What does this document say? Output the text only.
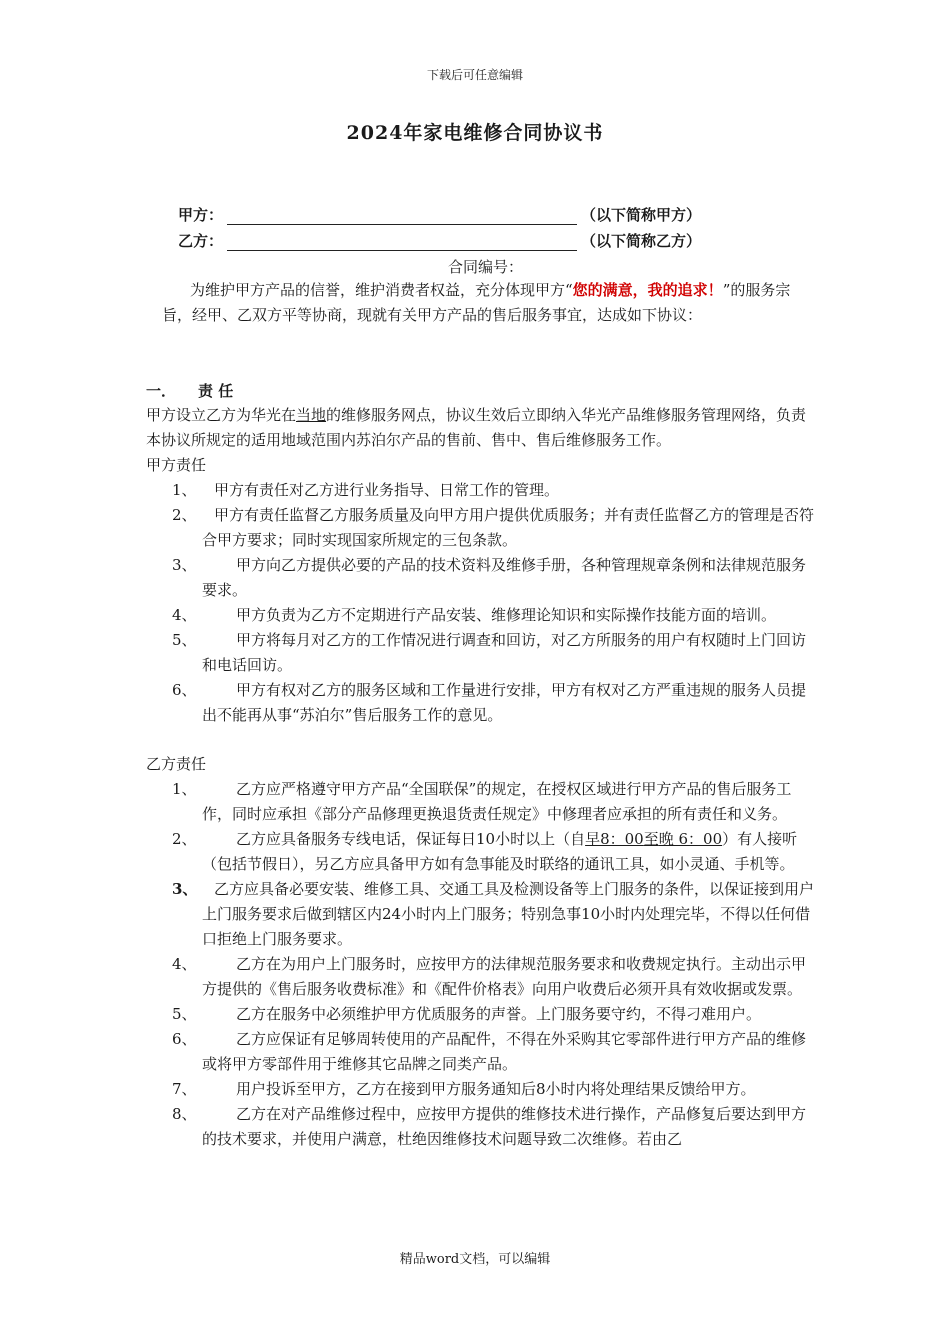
下载后可任意编辑
2024年家电维修合同协议书
甲方：	（以下简称甲方）
乙方：	（以下简称乙方）
合同编号：
为维护甲方产品的信誉，维护消费者权益，充分体现甲方“您的满意，我的追求！”的服务宗旨，经甲、乙双方平等协商，现就有关甲方产品的售后服务事宜，达成如下协议：
一． 责 任
甲方设立乙方为华光在当地的维修服务网点，协议生效后立即纳入华光产品维修服务管理网络，负责本协议所规定的适用地域范围内苏泊尔产品的售前、售中、售后维修服务工作。
甲方责任
1、	甲方有责任对乙方进行业务指导、日常工作的管理。
2、	甲方有责任监督乙方服务质量及向甲方用户提供优质服务；并有责任监督乙方的管理是否符合甲方要求；同时实现国家所规定的三包条款。
3、	甲方向乙方提供必要的产品的技术资料及维修手册，各种管理规章条例和法律规范服务要求。
4、	甲方负责为乙方不定期进行产品安装、维修理论知识和实际操作技能方面的培训。
5、	甲方将每月对乙方的工作情况进行调查和回访，对乙方所服务的用户有权随时上门回访和电话回访。
6、	甲方有权对乙方的服务区域和工作量进行安排，甲方有权对乙方严重违规的服务人员提出不能再从事“苏泊尔”售后服务工作的意见。
乙方责任
1、	乙方应严格遵守甲方产品“全国联保”的规定，在授权区域进行甲方产品的售后服务工作，同时应承担《部分产品修理更换退货责任规定》中修理者应承担的所有责任和义务。
2、	乙方应具备服务专线电话，保证每日10小时以上（自早8：00至晚 6：00）有人接听（包括节假日），另乙方应具备甲方如有急事能及时联络的通讯工具，如小灵通、手机等。
3、	乙方应具备必要安装、维修工具、交通工具及检测设备等上门服务的条件，以保证接到用户上门服务要求后做到辖区内24小时内上门服务；特别急事10小时内处理完毕，不得以任何借口拒绝上门服务要求。
4、	乙方在为用户上门服务时，应按甲方的法律规范服务要求和收费规定执行。主动出示甲方提供的《售后服务收费标准》和《配件价格表》向用户收费后必须开具有效收据或发票。
5、	乙方在服务中必须维护甲方优质服务的声誉。上门服务要守约，不得刁难用户。
6、	乙方应保证有足够周转使用的产品配件，不得在外采购其它零部件进行甲方产品的维修或将甲方零部件用于维修其它品牌之同类产品。
7、	用户投诉至甲方，乙方在接到甲方服务通知后8小时内将处理结果反馈给甲方。
8、	乙方在对产品维修过程中，应按甲方提供的维修技术进行操作，产品修复后要达到甲方的技术要求，并使用户满意，杜绝因维修技术问题导致二次维修。若由乙
精品word文档，可以编辑
